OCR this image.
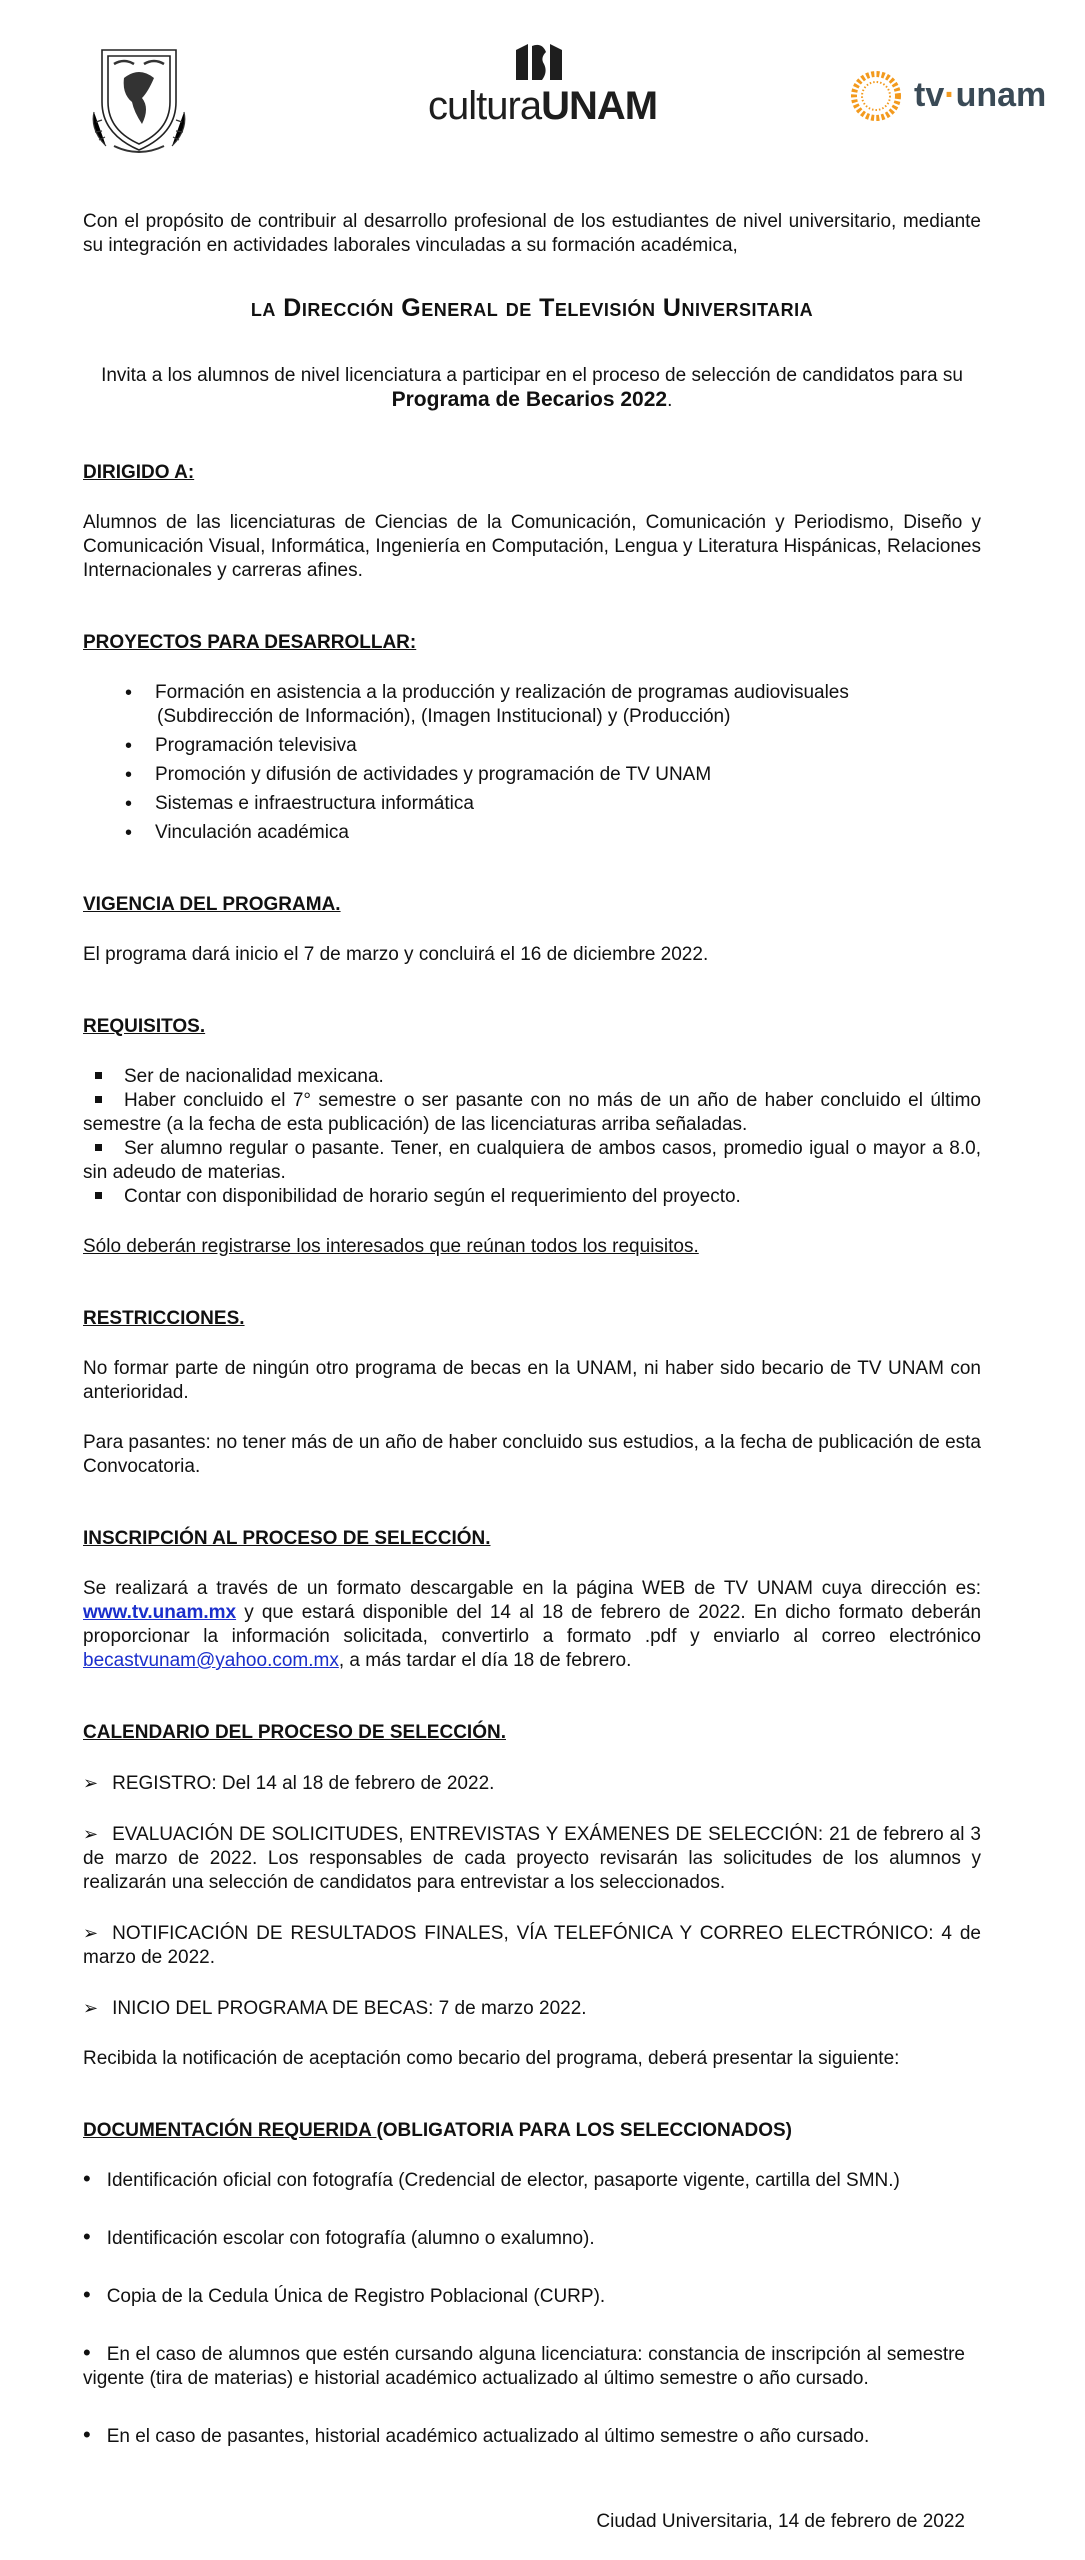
culturaUNAM	tv·unam

Con el propósito de contribuir al desarrollo profesional de los estudiantes de nivel universitario, mediante su integración en actividades laborales vinculadas a su formación académica,

la Dirección General de Televisión Universitaria

Invita a los alumnos de nivel licenciatura a participar en el proceso de selección de candidatos para su Programa de Becarios 2022.

DIRIGIDO A:

Alumnos de las licenciaturas de Ciencias de la Comunicación, Comunicación y Periodismo, Diseño y Comunicación Visual, Informática, Ingeniería en Computación, Lengua y Literatura Hispánicas, Relaciones Internacionales y carreras afines.

PROYECTOS PARA DESARROLLAR:

• Formación en asistencia a la producción y realización de programas audiovisuales
(Subdirección de Información), (Imagen Institucional) y (Producción)
• Programación televisiva
• Promoción y difusión de actividades y programación de TV UNAM
• Sistemas e infraestructura informática
• Vinculación académica

VIGENCIA DEL PROGRAMA.

El programa dará inicio el 7 de marzo y concluirá el 16 de diciembre 2022.

REQUISITOS.

Ser de nacionalidad mexicana.
Haber concluido el 7° semestre o ser pasante con no más de un año de haber concluido el último semestre (a la fecha de esta publicación) de las licenciaturas arriba señaladas.
Ser alumno regular o pasante. Tener, en cualquiera de ambos casos, promedio igual o mayor a 8.0, sin adeudo de materias.
Contar con disponibilidad de horario según el requerimiento del proyecto.

Sólo deberán registrarse los interesados que reúnan todos los requisitos.

RESTRICCIONES.

No formar parte de ningún otro programa de becas en la UNAM, ni haber sido becario de TV UNAM con anterioridad.

Para pasantes: no tener más de un año de haber concluido sus estudios, a la fecha de publicación de esta Convocatoria.

INSCRIPCIÓN AL PROCESO DE SELECCIÓN.

Se realizará a través de un formato descargable en la página WEB de TV UNAM cuya dirección es: www.tv.unam.mx y que estará disponible del 14 al 18 de febrero de 2022. En dicho formato deberán proporcionar la información solicitada, convertirlo a formato .pdf y enviarlo al correo electrónico becastvunam@yahoo.com.mx, a más tardar el día 18 de febrero.

CALENDARIO DEL PROCESO DE SELECCIÓN.

➢ REGISTRO: Del 14 al 18 de febrero de 2022.

➢ EVALUACIÓN DE SOLICITUDES, ENTREVISTAS Y EXÁMENES DE SELECCIÓN: 21 de febrero al 3 de marzo de 2022. Los responsables de cada proyecto revisarán las solicitudes de los alumnos y realizarán una selección de candidatos para entrevistar a los seleccionados.

➢ NOTIFICACIÓN DE RESULTADOS FINALES, VÍA TELEFÓNICA Y CORREO ELECTRÓNICO: 4 de marzo de 2022.

➢ INICIO DEL PROGRAMA DE BECAS: 7 de marzo 2022.

Recibida la notificación de aceptación como becario del programa, deberá presentar la siguiente:

DOCUMENTACIÓN REQUERIDA (OBLIGATORIA PARA LOS SELECCIONADOS)

• Identificación oficial con fotografía (Credencial de elector, pasaporte vigente, cartilla del SMN.)

• Identificación escolar con fotografía (alumno o exalumno).

• Copia de la Cedula Única de Registro Poblacional (CURP).

• En el caso de alumnos que estén cursando alguna licenciatura: constancia de inscripción al semestre vigente (tira de materias) e historial académico actualizado al último semestre o año cursado.

• En el caso de pasantes, historial académico actualizado al último semestre o año cursado.

Ciudad Universitaria, 14 de febrero de 2022
